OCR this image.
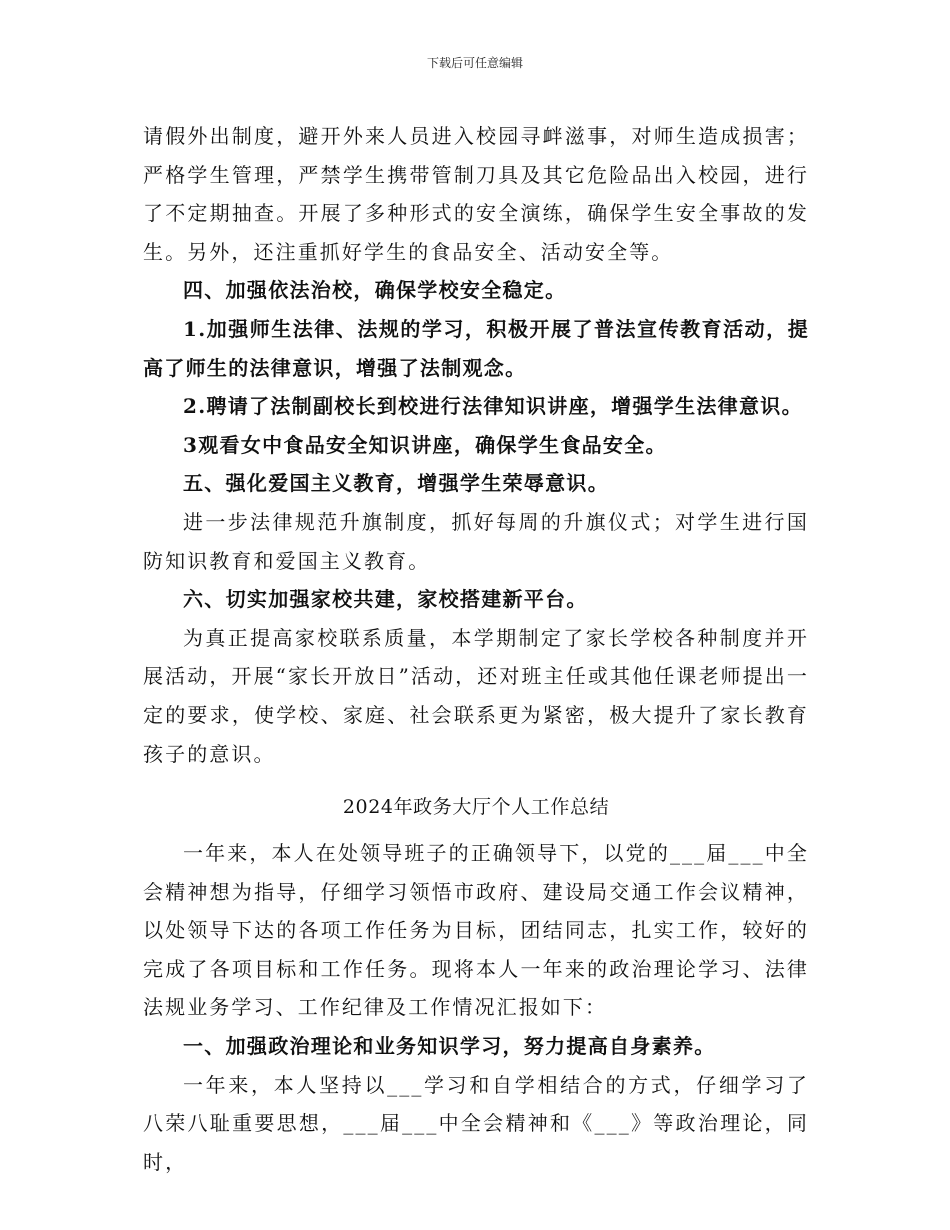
下载后可任意编辑

请假外出制度，避开外来人员进入校园寻衅滋事，对师生造成损害；严格学生管理，严禁学生携带管制刀具及其它危险品出入校园，进行了不定期抽查。开展了多种形式的安全演练，确保学生安全事故的发生。另外，还注重抓好学生的食品安全、活动安全等。

四、加强依法治校，确保学校安全稳定。

1.加强师生法律、法规的学习，积极开展了普法宣传教育活动，提高了师生的法律意识，增强了法制观念。

2.聘请了法制副校长到校进行法律知识讲座，增强学生法律意识。

3观看女中食品安全知识讲座，确保学生食品安全。

五、强化爱国主义教育，增强学生荣辱意识。

进一步法律规范升旗制度，抓好每周的升旗仪式；对学生进行国防知识教育和爱国主义教育。

六、切实加强家校共建，家校搭建新平台。

为真正提高家校联系质量，本学期制定了家长学校各种制度并开展活动，开展“家长开放日”活动，还对班主任或其他任课老师提出一定的要求，使学校、家庭、社会联系更为紧密，极大提升了家长教育孩子的意识。

2024年政务大厅个人工作总结

一年来，本人在处领导班子的正确领导下，以党的___届___中全会精神想为指导，仔细学习领悟市政府、建设局交通工作会议精神，以处领导下达的各项工作任务为目标，团结同志，扎实工作，较好的完成了各项目标和工作任务。现将本人一年来的政治理论学习、法律法规业务学习、工作纪律及工作情况汇报如下：

一、加强政治理论和业务知识学习，努力提高自身素养。

一年来，本人坚持以___学习和自学相结合的方式，仔细学习了八荣八耻重要思想，___届___中全会精神和《___》等政治理论，同时，
